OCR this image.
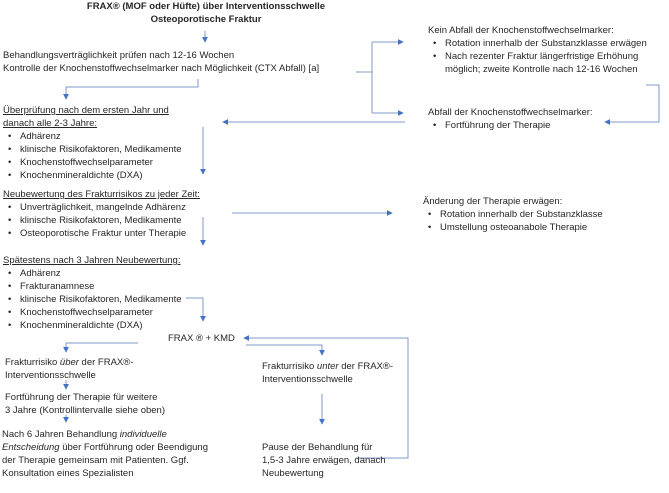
FRAX® (MOF oder Hüfte) über Interventionsschwelle
Osteoporotische Fraktur
Behandlungsverträglichkeit prüfen nach 12-16 Wochen
Kontrolle der Knochenstoffwechselmarker nach Möglichkeit (CTX Abfall) [a]
Kein Abfall der Knochenstoffwechselmarker:
• Rotation innerhalb der Substanzklasse erwägen
• Nach rezenter Fraktur längerfristige Erhöhung möglich; zweite Kontrolle nach 12-16 Wochen
Abfall der Knochenstoffwechselmarker:
• Fortführung der Therapie
Überprüfung nach dem ersten Jahr und
danach alle 2-3 Jahre:
• Adhärenz
• klinische Risikofaktoren, Medikamente
• Knochenstoffwechselparameter
• Knochenmineraldichte (DXA)
Neubewertung des Frakturrisikos zu jeder Zeit:
• Unverträglichkeit, mangelnde Adhärenz
• klinische Risikofaktoren, Medikamente
• Osteoporotische Fraktur unter Therapie
Änderung der Therapie erwägen:
• Rotation innerhalb der Substanzklasse
• Umstellung osteoanabole Therapie
Spätestens nach 3 Jahren Neubewertung:
• Adhärenz
• Frakturanamnese
• klinische Risikofaktoren, Medikamente
• Knochenstoffwechselparameter
• Knochenmineraldichte (DXA)
FRAX ® + KMD
Frakturrisiko über der FRAX®-
Interventionsschwelle
Fortführung der Therapie für weitere
3 Jahre (Kontrollintervalle siehe oben)
Nach 6 Jahren Behandlung individuelle Entscheidung über Fortführung oder Beendigung der Therapie gemeinsam mit Patienten. Ggf. Konsultation eines Spezialisten
Frakturrisiko unter der FRAX®-
Interventionsschwelle
Pause der Behandlung für 1,5-3 Jahre erwägen, danach Neubewertung
